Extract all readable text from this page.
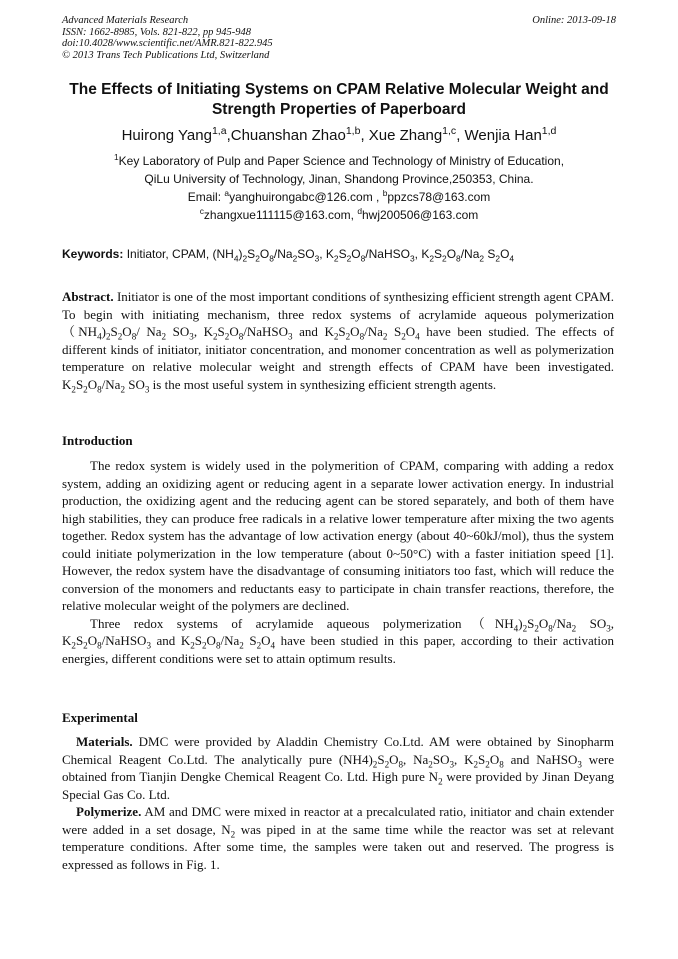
Advanced Materials Research
ISSN: 1662-8985, Vols. 821-822, pp 945-948
doi:10.4028/www.scientific.net/AMR.821-822.945
© 2013 Trans Tech Publications Ltd, Switzerland
Online: 2013-09-18
The Effects of Initiating Systems on CPAM Relative Molecular Weight and Strength Properties of Paperboard
Huirong Yang$^{1,a}$,Chuanshan Zhao$^{1,b}$, Xue Zhang$^{1,c}$, Wenjia Han$^{1,d}$
$^1$Key Laboratory of Pulp and Paper Science and Technology of Ministry of Education,
QiLu University of Technology, Jinan, Shandong Province,250353, China.
Email: $^a$yanghuirongabc@126.com , $^b$ppzcs78@163.com
$^c$zhangxue111115@163.com, $^d$hwj200506@163.com
Keywords: Initiator, CPAM, $(NH_4)_2S_2O_8/Na_2SO_3$, $K_2S_2O_8/NaHSO_3$, $K_2S_2O_8/Na_2$ $S_2O_4$

Abstract. Initiator is one of the most important conditions of synthesizing efficient strength agent CPAM. To begin with initiating mechanism, three redox systems of acrylamide aqueous $polymerization(NH_4)_2S_2O_8/$ $Na_2$ $SO_3$, $K_2S_2O_8/NaHSO_3$ and $K_2S_2O_8/Na_2$ $S_2O_4$ have been studied. The effects of different kinds of initiator, initiator concentration, and monomer concentration as well as polymerization temperature on relative molecular weight and strength effects of CPAM have been investigated. $K_2S_2O_8/Na_2$ $SO_3$ is the most useful system in synthesizing efficient strength agents.

Introduction

The redox system is widely used in the polymerition of CPAM, comparing with adding a redox system, adding an oxidizing agent or reducing agent in a separate lower activation energy. In industrial production, the oxidizing agent and the reducing agent can be stored separately, and both of them have high stabilities, they can produce free radicals in a relative lower temperature after mixing the two agents together. Redox system has the advantage of low activation energy (about 40~60kJ/mol), thus the system could initiate polymerization in the low temperature (about 0~50°C) with a faster initiation speed [1]. However, the redox system have the disadvantage of consuming initiators too fast, which will reduce the conversion of the monomers and reductants easy to participate in chain transfer reactions, therefore, the relative molecular weight of the polymers are declined.

Three redox systems of acrylamide aqueous $polymerization(NH_4)_2S_2O_8/Na_2$ $SO_3$, $K_2S_2O_8/NaHSO_3$ and $K_2S_2O_8/Na_2$ $S_2O_4$ have been studied in this paper, according to their activation energies, different conditions were set to attain optimum results.

Experimental

Materials. DMC were provided by Aladdin Chemistry Co.Ltd. AM were obtained by Sinopharm Chemical Reagent Co.Ltd. The analytically pure $(NH4)_2S_2O_8$, $Na_2SO_3$, $K_2S_2O_8$ and NaHSO$_3$ were obtained from Tianjin Dengke Chemical Reagent Co. Ltd. High pure $N_2$ were provided by Jinan Deyang Special Gas Co. Ltd.

Polymerize. AM and DMC were mixed in reactor at a precalculated ratio, initiator and chain extender were added in a set dosage, $N_2$ was piped in at the same time while the reactor was set at relevant temperature conditions. After some time, the samples were taken out and reserved. The progress is expressed as follows in Fig. 1.
